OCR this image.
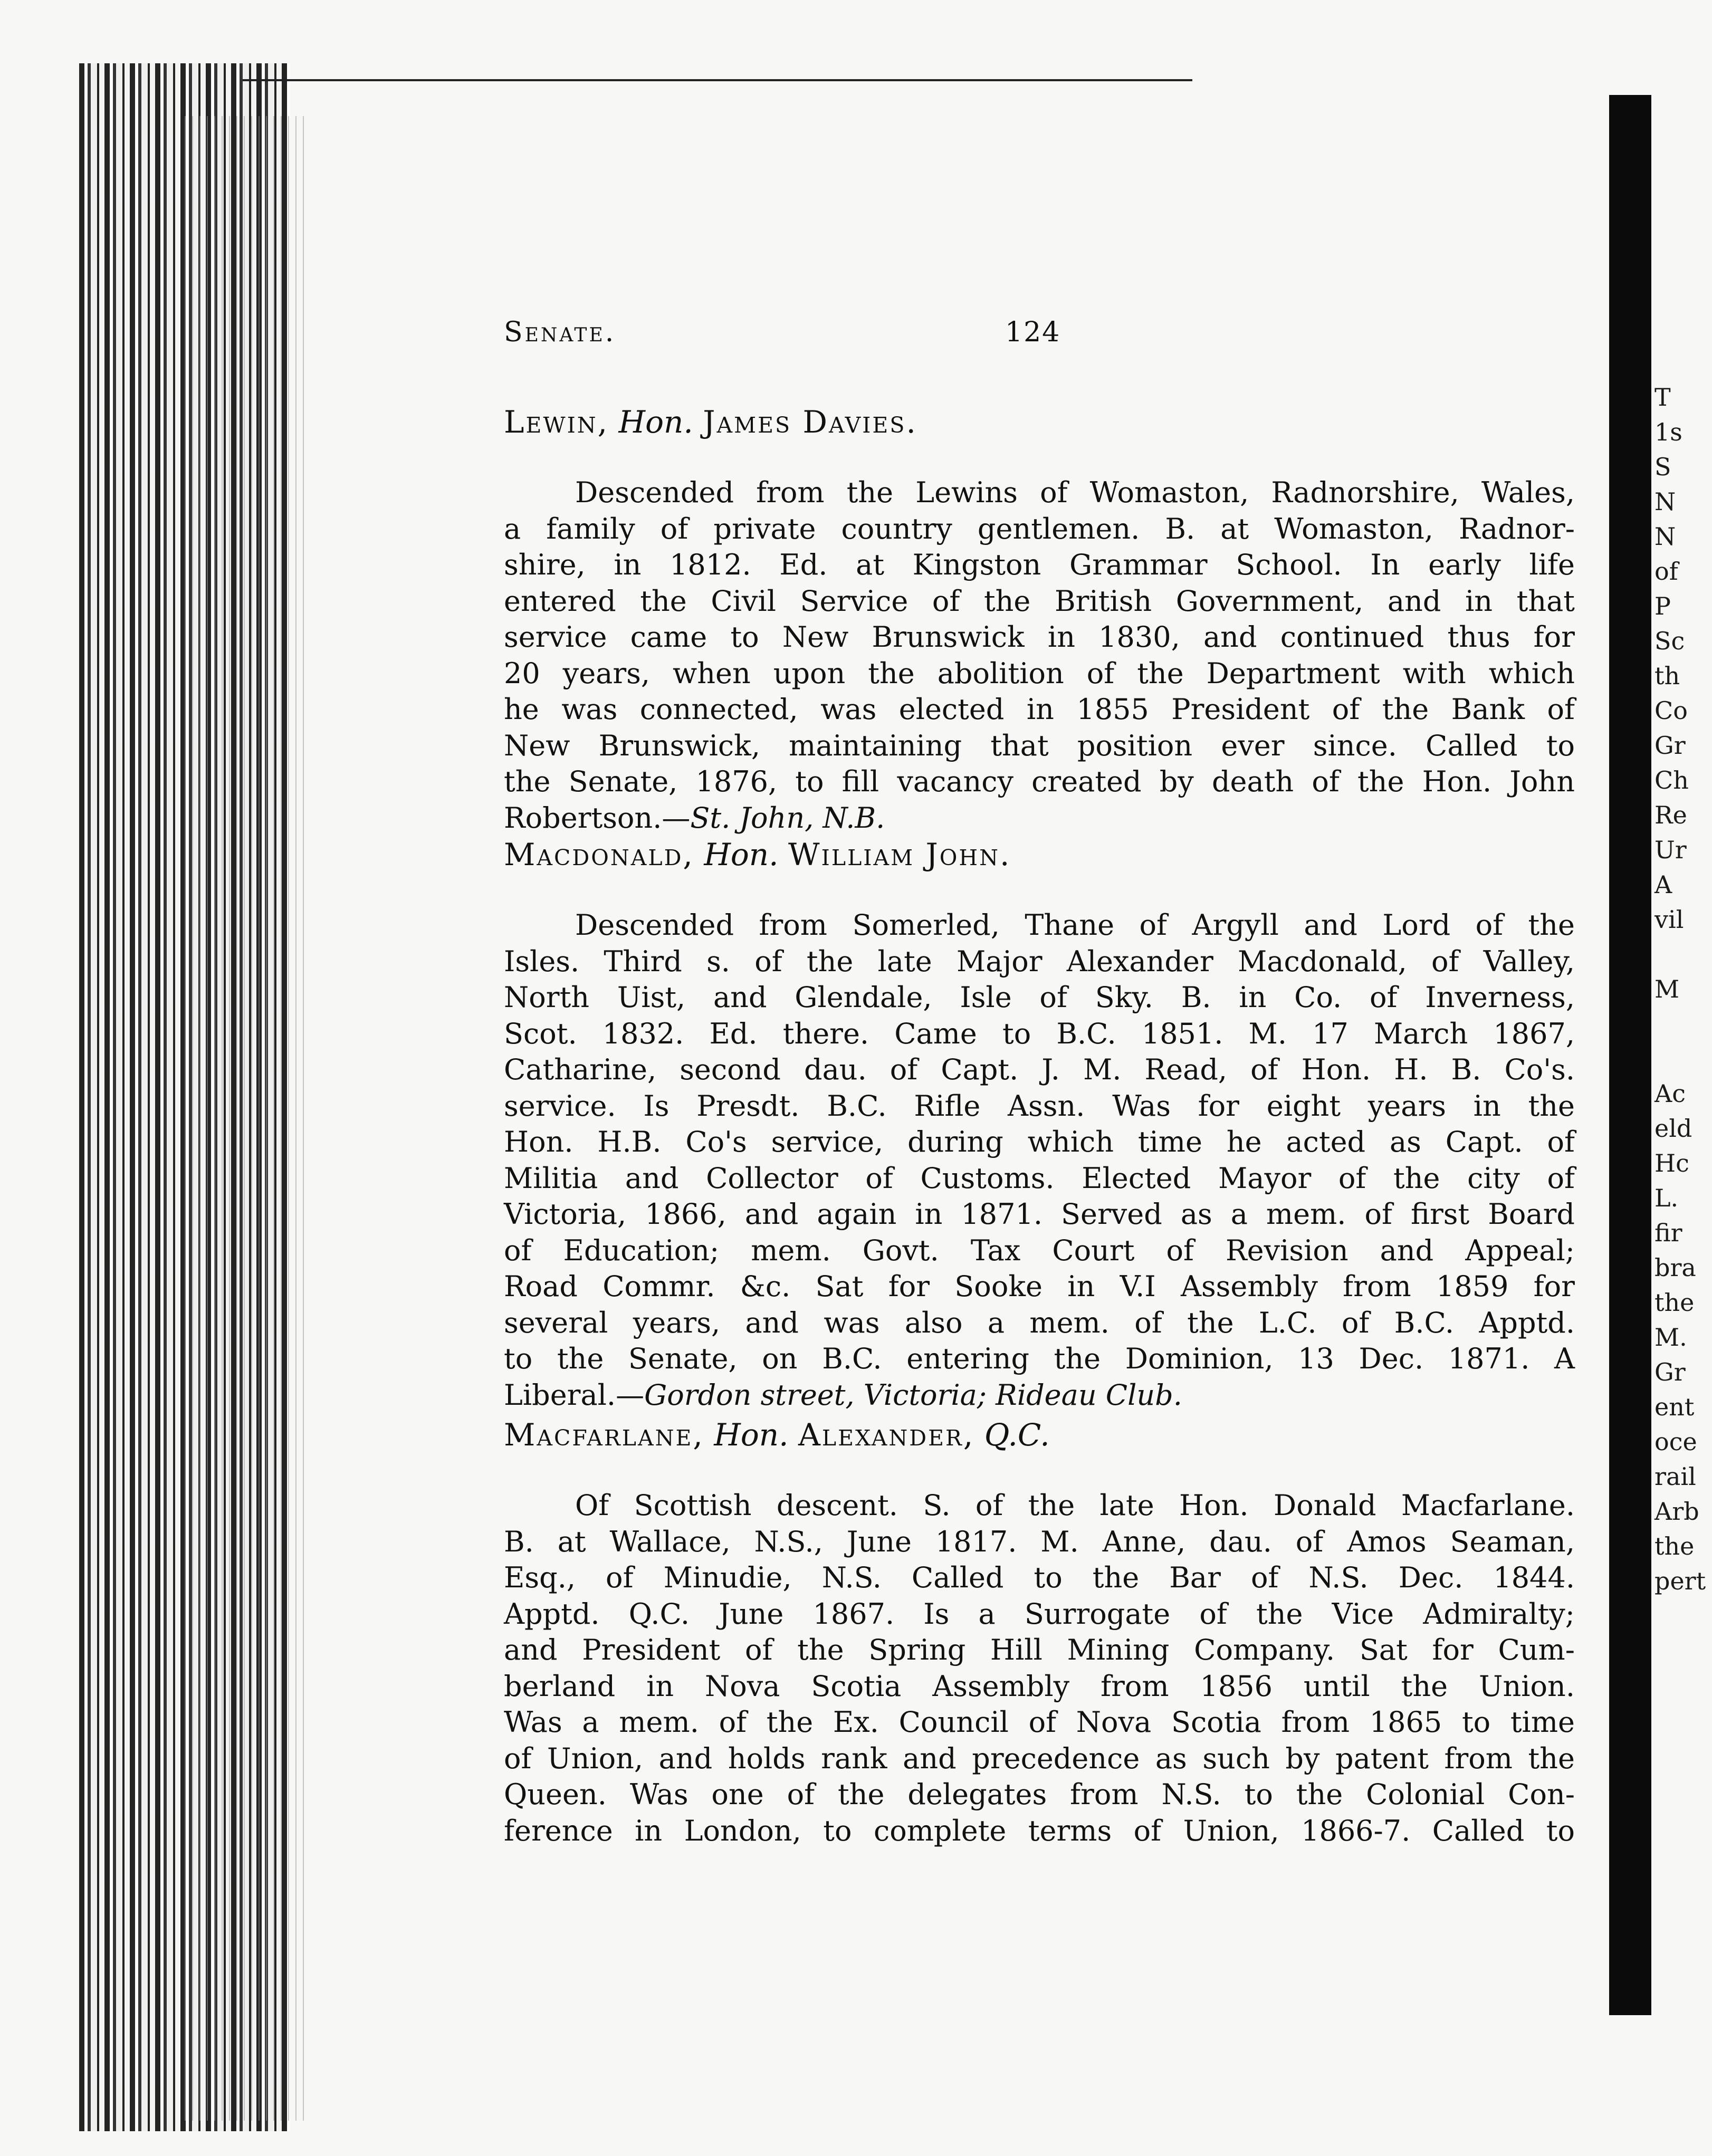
Senate.	124

Lewin, Hon. James Davies.

Descended from the Lewins of Womaston, Radnorshire, Wales,
a family of private country gentlemen. B. at Womaston, Radnor-
shire, in 1812. Ed. at Kingston Grammar School. In early life
entered the Civil Service of the British Government, and in that
service came to New Brunswick in 1830, and continued thus for
20 years, when upon the abolition of the Department with which
he was connected, was elected in 1855 President of the Bank of
New Brunswick, maintaining that position ever since. Called to
the Senate, 1876, to fill vacancy created by death of the Hon. John
Robertson.—St. John, N.B.

Macdonald, Hon. William John.

Descended from Somerled, Thane of Argyll and Lord of the
Isles. Third s. of the late Major Alexander Macdonald, of Valley,
North Uist, and Glendale, Isle of Sky. B. in Co. of Inverness,
Scot. 1832. Ed. there. Came to B.C. 1851. M. 17 March 1867,
Catharine, second dau. of Capt. J. M. Read, of Hon. H. B. Co's.
service. Is Presdt. B.C. Rifle Assn. Was for eight years in the
Hon. H.B. Co's service, during which time he acted as Capt. of
Militia and Collector of Customs. Elected Mayor of the city of
Victoria, 1866, and again in 1871. Served as a mem. of first Board
of Education; mem. Govt. Tax Court of Revision and Appeal;
Road Commr. &c. Sat for Sooke in V.I Assembly from 1859 for
several years, and was also a mem. of the L.C. of B.C. Apptd.
to the Senate, on B.C. entering the Dominion, 13 Dec. 1871. A
Liberal.—Gordon street, Victoria; Rideau Club.

Macfarlane, Hon. Alexander, Q.C.

Of Scottish descent. S. of the late Hon. Donald Macfarlane.
B. at Wallace, N.S., June 1817. M. Anne, dau. of Amos Seaman,
Esq., of Minudie, N.S. Called to the Bar of N.S. Dec. 1844.
Apptd. Q.C. June 1867. Is a Surrogate of the Vice Admiralty;
and President of the Spring Hill Mining Company. Sat for Cum-
berland in Nova Scotia Assembly from 1856 until the Union.
Was a mem. of the Ex. Council of Nova Scotia from 1865 to time
of Union, and holds rank and precedence as such by patent from the
Queen. Was one of the delegates from N.S. to the Colonial Con-
ference in London, to complete terms of Union, 1866-7. Called to

T
1s
S
N
N
of
P
Sc
th
Co
Gr
Ch
Re
Ur
A
vil
M
Ac
eld
Hc
L.
fir
bra
the
M.
Gr
ent
oce
rail
Arb
the
pert
